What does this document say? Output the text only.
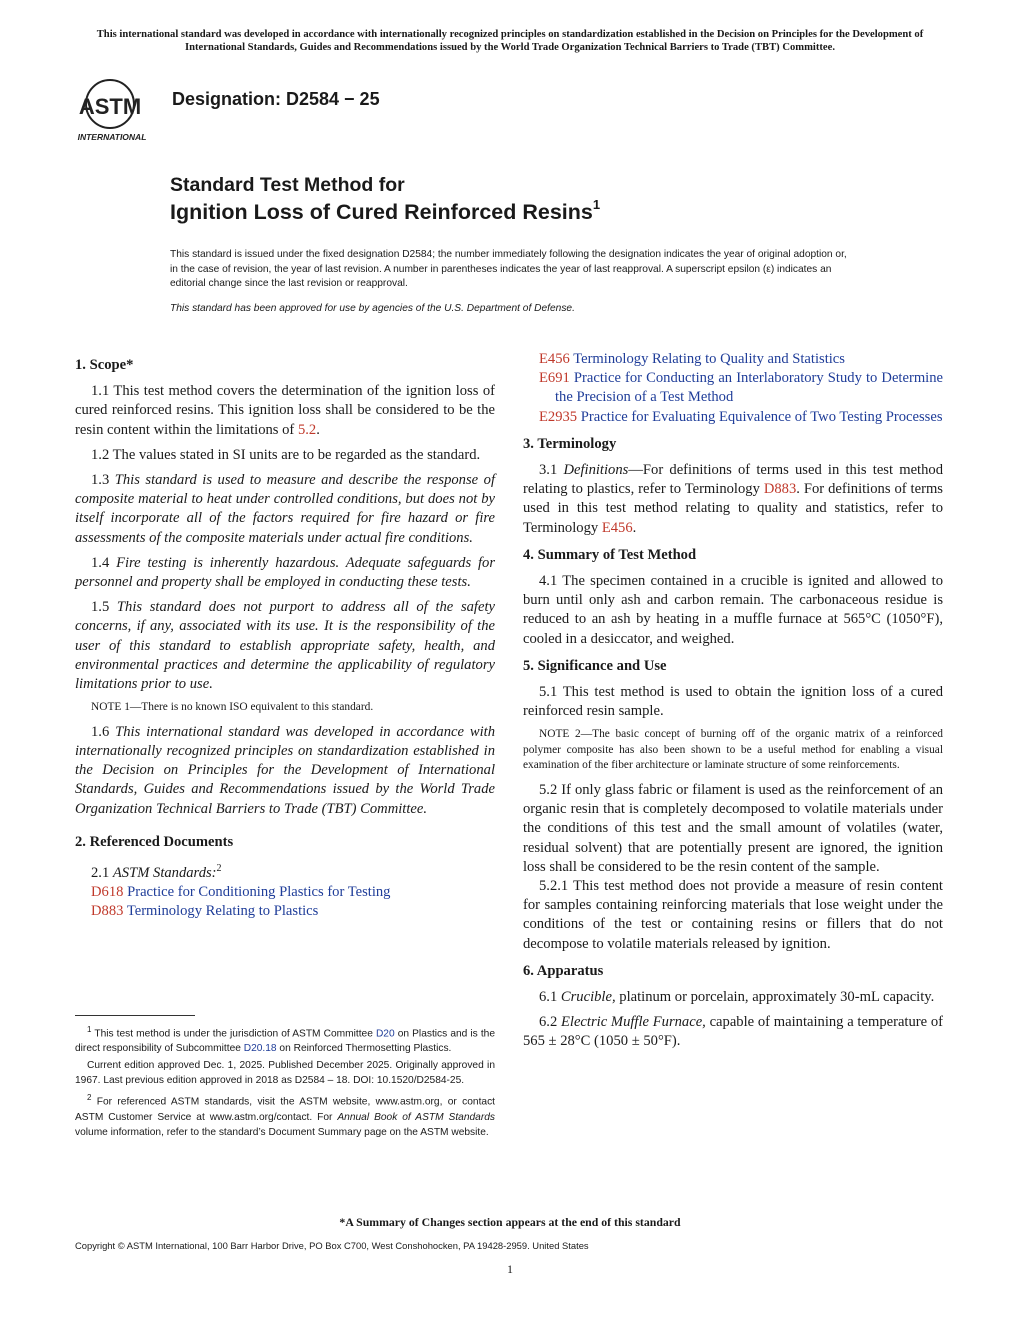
This international standard was developed in accordance with internationally recognized principles on standardization established in the Decision on Principles for the Development of International Standards, Guides and Recommendations issued by the World Trade Organization Technical Barriers to Trade (TBT) Committee.
ASTM
INTERNATIONAL
Designation: D2584 − 25
Standard Test Method for
Ignition Loss of Cured Reinforced Resins$^1$
This standard is issued under the fixed designation D2584; the number immediately following the designation indicates the year of original adoption or, in the case of revision, the year of last revision. A number in parentheses indicates the year of last reapproval. A superscript epsilon (ε) indicates an editorial change since the last revision or reapproval.
This standard has been approved for use by agencies of the U.S. Department of Defense.

1. Scope*

1.1 This test method covers the determination of the ignition loss of cured reinforced resins. This ignition loss shall be considered to be the resin content within the limitations of 5.2.

1.2 The values stated in SI units are to be regarded as the standard.

1.3 This standard is used to measure and describe the response of composite material to heat under controlled conditions, but does not by itself incorporate all of the factors required for fire hazard or fire assessments of the composite materials under actual fire conditions.

1.4 Fire testing is inherently hazardous. Adequate safeguards for personnel and property shall be employed in conducting these tests.

1.5 This standard does not purport to address all of the safety concerns, if any, associated with its use. It is the responsibility of the user of this standard to establish appropriate safety, health, and environmental practices and determine the applicability of regulatory limitations prior to use.

NOTE 1—There is no known ISO equivalent to this standard.

1.6 This international standard was developed in accordance with internationally recognized principles on standardization established in the Decision on Principles for the Development of International Standards, Guides and Recommendations issued by the World Trade Organization Technical Barriers to Trade (TBT) Committee.

2. Referenced Documents

2.1 ASTM Standards:$^2$

D618 Practice for Conditioning Plastics for Testing

D883 Terminology Relating to Plastics

E456 Terminology Relating to Quality and Statistics

E691 Practice for Conducting an Interlaboratory Study to Determine the Precision of a Test Method

E2935 Practice for Evaluating Equivalence of Two Testing Processes

3. Terminology

3.1 Definitions—For definitions of terms used in this test method relating to plastics, refer to Terminology D883. For definitions of terms used in this test method relating to quality and statistics, refer to Terminology E456.

4. Summary of Test Method

4.1 The specimen contained in a crucible is ignited and allowed to burn until only ash and carbon remain. The carbonaceous residue is reduced to an ash by heating in a muffle furnace at 565°C (1050°F), cooled in a desiccator, and weighed.

5. Significance and Use

5.1 This test method is used to obtain the ignition loss of a cured reinforced resin sample.

NOTE 2—The basic concept of burning off of the organic matrix of a reinforced polymer composite has also been shown to be a useful method for enabling a visual examination of the fiber architecture or laminate structure of some reinforcements.

5.2 If only glass fabric or filament is used as the reinforcement of an organic resin that is completely decomposed to volatile materials under the conditions of this test and the small amount of volatiles (water, residual solvent) that are potentially present are ignored, the ignition loss shall be considered to be the resin content of the sample.

5.2.1 This test method does not provide a measure of resin content for samples containing reinforcing materials that lose weight under the conditions of the test or containing resins or fillers that do not decompose to volatile materials released by ignition.

6. Apparatus

6.1 Crucible, platinum or porcelain, approximately 30-mL capacity.

6.2 Electric Muffle Furnace, capable of maintaining a temperature of 565 ± 28°C (1050 ± 50°F).

$^1$ This test method is under the jurisdiction of ASTM Committee D20 on Plastics and is the direct responsibility of Subcommittee D20.18 on Reinforced Thermosetting Plastics.

Current edition approved Dec. 1, 2025. Published December 2025. Originally approved in 1967. Last previous edition approved in 2018 as D2584 – 18. DOI: 10.1520/D2584-25.

$^2$ For referenced ASTM standards, visit the ASTM website, www.astm.org, or contact ASTM Customer Service at www.astm.org/contact. For Annual Book of ASTM Standards volume information, refer to the standard’s Document Summary page on the ASTM website.

*A Summary of Changes section appears at the end of this standard
Copyright © ASTM International, 100 Barr Harbor Drive, PO Box C700, West Conshohocken, PA 19428-2959. United States
1
